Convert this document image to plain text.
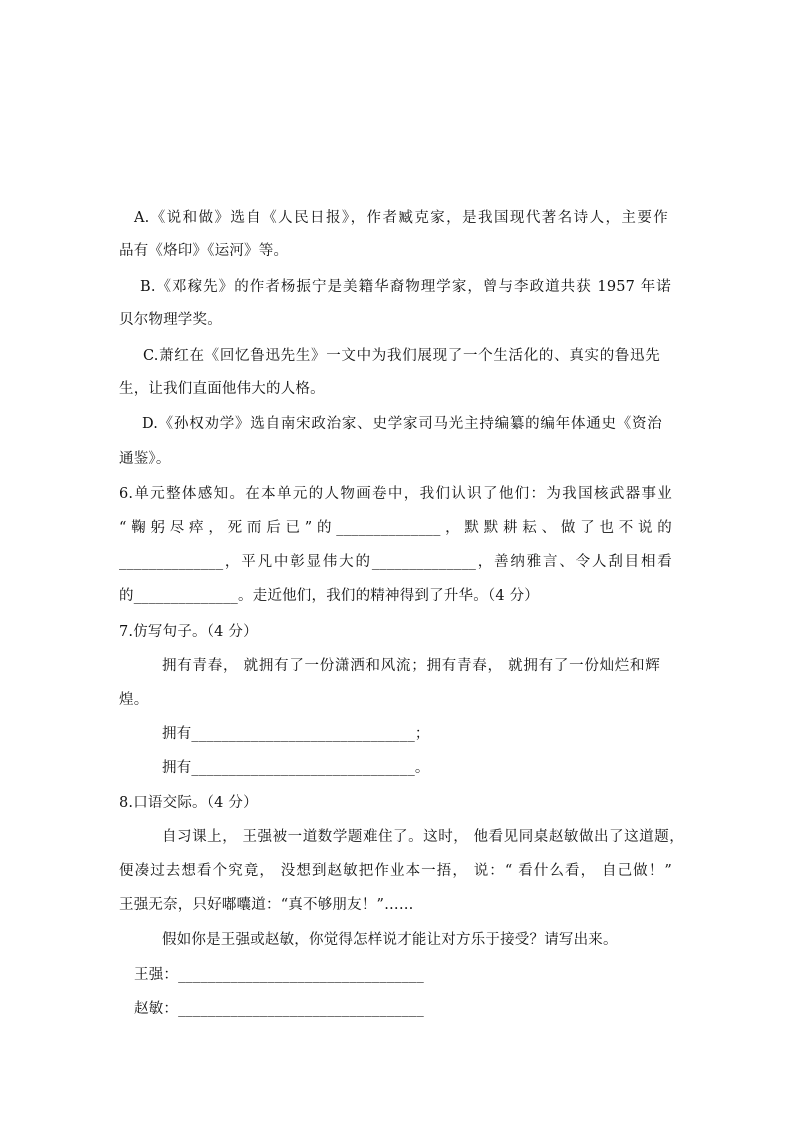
A.《说和做》选自《人民日报》，作者臧克家，是我国现代著名诗人，主要作
品有《烙印》《运河》等。
B.《邓稼先》的作者杨振宁是美籍华裔物理学家，曾与李政道共获 1957 年诺
贝尔物理学奖。
C.萧红在《回忆鲁迅先生》一文中为我们展现了一个生活化的、真实的鲁迅先
生，让我们直面他伟大的人格。
D.《孙权劝学》选自南宋政治家、史学家司马光主持编纂的编年体通史《资治
通鉴》。
6.单元整体感知。在本单元的人物画卷中，我们认识了他们：为我国核武器事业
“鞠躬尽瘁，死而后已”的______________，默默耕耘、做了也不说的
______________，平凡中彰显伟大的______________，善纳雅言、令人刮目相看
的______________。走近他们，我们的精神得到了升华。（4 分）
7.仿写句子。（4 分）
拥有青春， 就拥有了一份潇洒和风流；拥有青春， 就拥有了一份灿烂和辉
煌。
拥有______________________________；
拥有______________________________。
8.口语交际。（4 分）
自习课上， 王强被一道数学题难住了。这时， 他看见同桌赵敏做出了这道题，
便凑过去想看个究竟， 没想到赵敏把作业本一捂， 说：“ 看什么看， 自己做！”
王强无奈，只好嘟囔道：“真不够朋友！”……
假如你是王强或赵敏，你觉得怎样说才能让对方乐于接受？请写出来。
王强：_________________________________
赵敏：_________________________________
